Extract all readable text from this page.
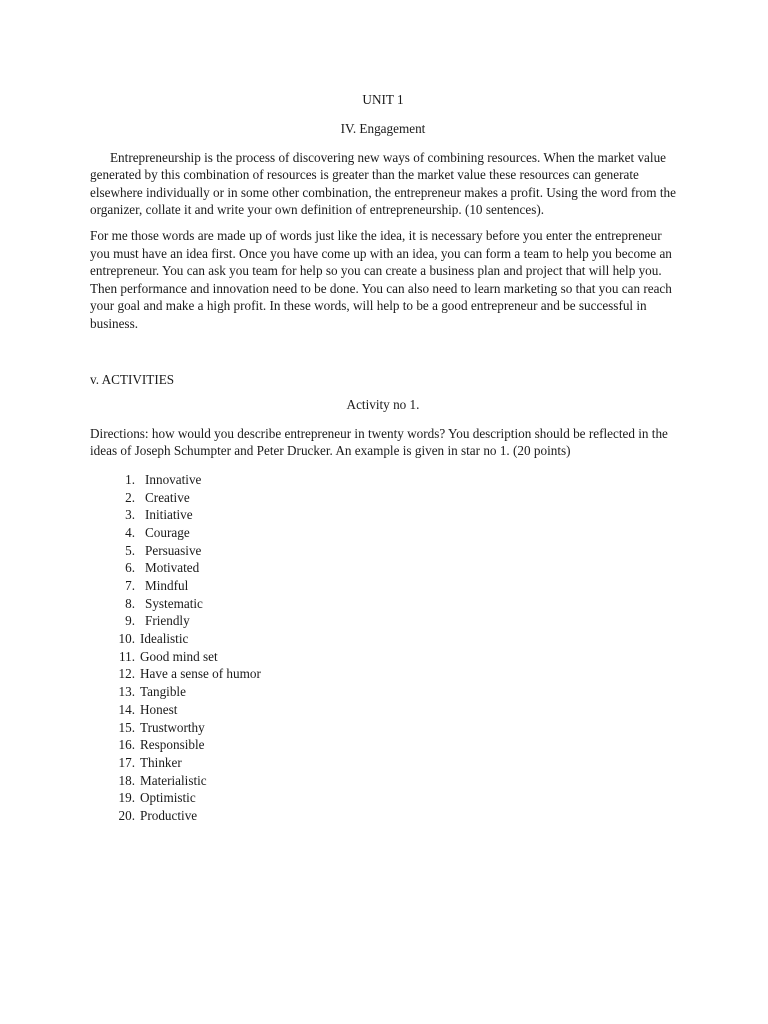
UNIT 1
IV. Engagement

Entrepreneurship is the process of discovering new ways of combining resources. When the market value generated by this combination of resources is greater than the market value these resources can generate elsewhere individually or in some other combination, the entrepreneur makes a profit. Using the word from the organizer, collate it and write your own definition of entrepreneurship. (10 sentences).

For me those words are made up of words just like the idea, it is necessary before you enter the entrepreneur you must have an idea first. Once you have come up with an idea, you can form a team to help you become an entrepreneur. You can ask you team for help so you can create a business plan and project that will help you. Then performance and innovation need to be done. You can also need to learn marketing so that you can reach your goal and make a high profit. In these words, will help to be a good entrepreneur and be successful in business.

v. ACTIVITIES
Activity no 1.

Directions: how would you describe entrepreneur in twenty words? You description should be reflected in the ideas of Joseph Schumpter and Peter Drucker. An example is given in star no 1. (20 points)

1. Innovative
2. Creative
3. Initiative
4. Courage
5. Persuasive
6. Motivated
7. Mindful
8. Systematic
9. Friendly
10. Idealistic
11. Good mind set
12. Have a sense of humor
13. Tangible
14. Honest
15. Trustworthy
16. Responsible
17. Thinker
18. Materialistic
19. Optimistic
20. Productive
